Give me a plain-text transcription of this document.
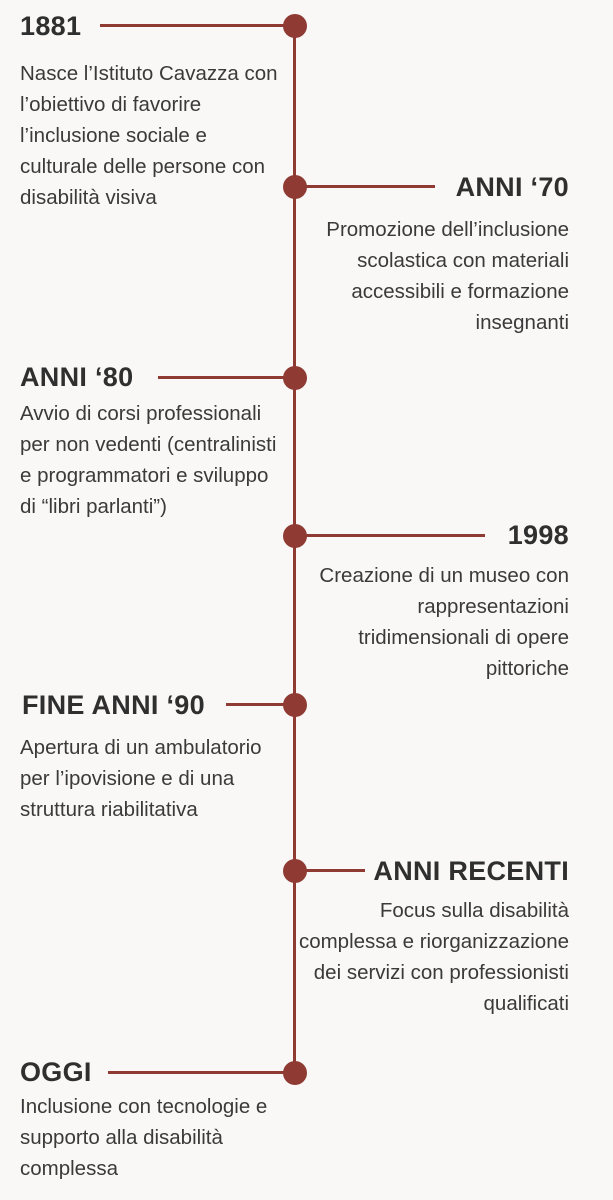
1881
Nasce l’Istituto Cavazza con l’obiettivo di favorire l’inclusione sociale e culturale delle persone con disabilità visiva	ANNI ‘70
Promozione dell’inclusione scolastica con materiali accessibili e formazione insegnanti
ANNI ‘80
Avvio di corsi professionali per non vedenti (centralinisti e programmatori e sviluppo di “libri parlanti”)
1998
Creazione di un museo con rappresentazioni tridimensionali di opere pittoriche
FINE ANNI ‘90
Apertura di un ambulatorio per l’ipovisione e di una struttura riabilitativa
ANNI RECENTI
Focus sulla disabilità complessa e riorganizzazione dei servizi con professionisti qualificati
OGGI
Inclusione con tecnologie e supporto alla disabilità complessa
